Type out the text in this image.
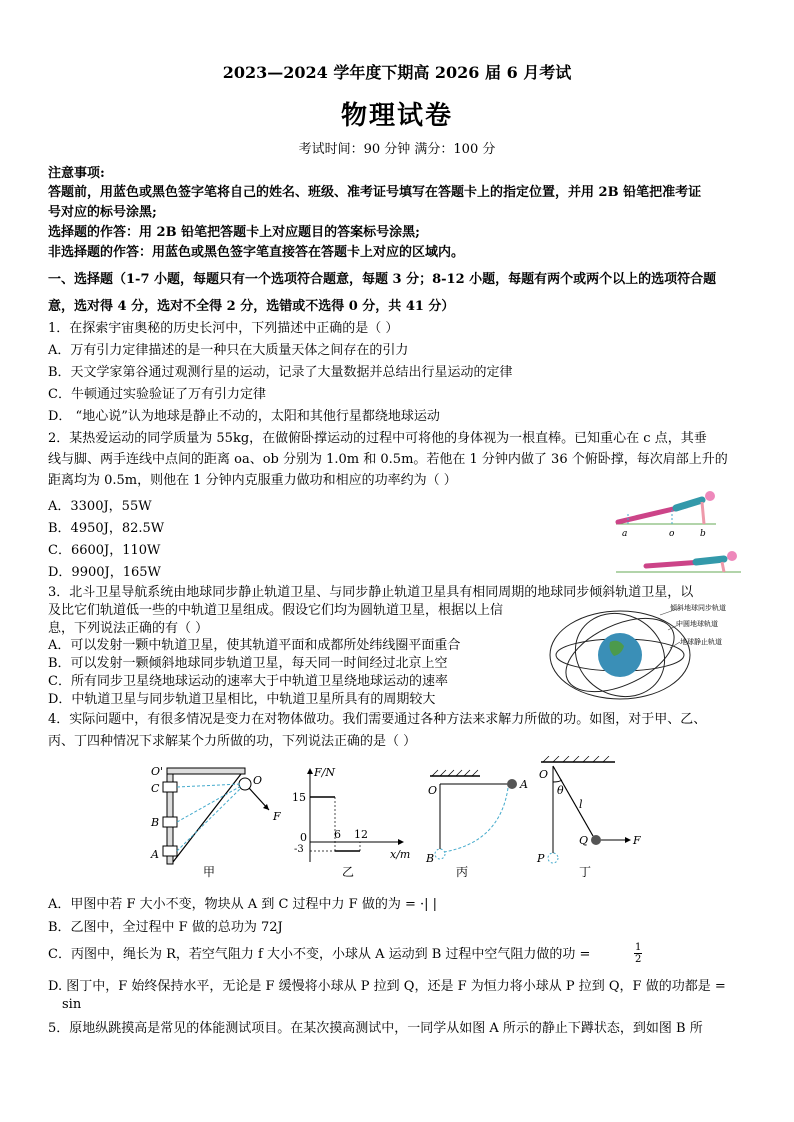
2023—2024 学年度下期高 2026 届 6 月考试
物理试卷
考试时间：90 分钟 满分：100 分
注意事项:
答题前，用蓝色或黑色签字笔将自己的姓名、班级、准考证号填写在答题卡上的指定位置，并用 2B 铅笔把准考证
号对应的标号涂黑;
选择题的作答：用 2B 铅笔把答题卡上对应题目的答案标号涂黑;
非选择题的作答：用蓝色或黑色签字笔直接答在答题卡上对应的区域内。
一、选择题（1-7 小题，每题只有一个选项符合题意，每题 3 分；8-12 小题，每题有两个或两个以上的选项符合题
意，选对得 4 分，选对不全得 2 分，选错或不选得 0 分，共 41 分）
1．在探索宇宙奥秘的历史长河中，下列描述中正确的是（ ）
A．万有引力定律描述的是一种只在大质量天体之间存在的引力
B．天文学家第谷通过观测行星的运动，记录了大量数据并总结出行星运动的定律
C．牛顿通过实验验证了万有引力定律
D． “地心说”认为地球是静止不动的，太阳和其他行星都绕地球运动
2．某热爱运动的同学质量为 55kg，在做俯卧撑运动的过程中可将他的身体视为一根直棒。已知重心在 c 点，其垂
线与脚、两手连线中点间的距离 oa、ob 分别为 1.0m 和 0.5m。若他在 1 分钟内做了 36 个俯卧撑，每次肩部上升的
距离均为 0.5m，则他在 1 分钟内克服重力做功和相应的功率约为（ ）
A．3300J，55W
B．4950J，82.5W
C．6600J，110W
D．9900J，165W
a	o	b
3．北斗卫星导航系统由地球同步静止轨道卫星、与同步静止轨道卫星具有相同周期的地球同步倾斜轨道卫星，以
及比它们轨道低一些的中轨道卫星组成。假设它们均为圆轨道卫星，根据以上信
息，下列说法正确的有（ ）
A．可以发射一颗中轨道卫星，使其轨道平面和成都所处纬线圈平面重合
B．可以发射一颗倾斜地球同步轨道卫星，每天同一时间经过北京上空
C．所有同步卫星绕地球运动的速率大于中轨道卫星绕地球运动的速率
D．中轨道卫星与同步轨道卫星相比，中轨道卫星所具有的周期较大
倾斜地球同步轨道
中圆地球轨道
地球静止轨道
4．实际问题中，有很多情况是变力在对物体做功。我们需要通过各种方法来求解力所做的功。如图，对于甲、乙、
丙、丁四种情况下求解某个力所做的功，下列说法正确的是（ ）
O'
O
C
B
A
F
甲
F/N
x/m
15
0
-3
6 12
乙
O	A
B
丙
O
θ
l
Q
P
F
丁
A．甲图中若 F 大小不变，物块从 A 到 C 过程中力 F 做的为 = ·| |
B．乙图中，全过程中 F 做的总功为 72J
C．丙图中，绳长为 R，若空气阻力 f 大小不变，小球从 A 运动到 B 过程中空气阻力做的功 =	$\frac{1}{2}$
D. 图丁中，F 始终保持水平，无论是 F 缓慢将小球从 P 拉到 Q，还是 F 为恒力将小球从 P 拉到 Q，F 做的功都是 =
sin
5．原地纵跳摸高是常见的体能测试项目。在某次摸高测试中，一同学从如图 A 所示的静止下蹲状态，到如图 B 所
